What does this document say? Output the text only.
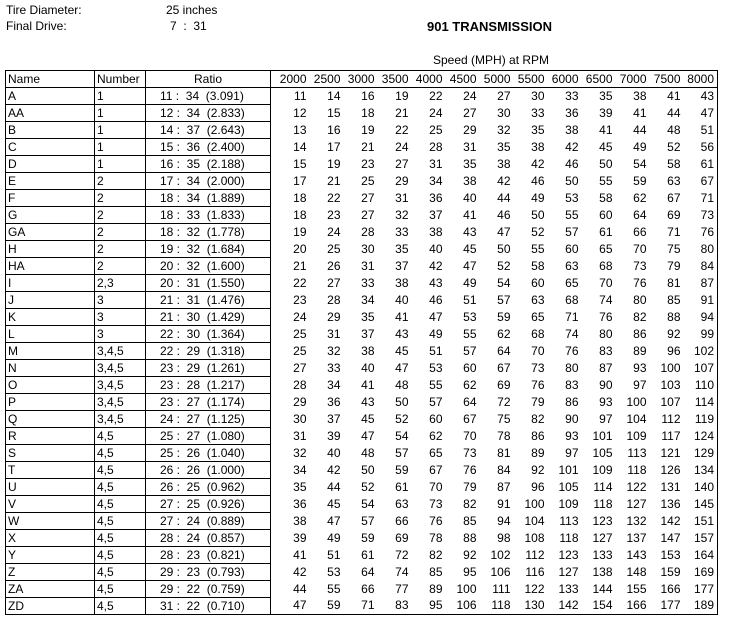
Tire Diameter:	25 inches
Final Drive:	7  :  31	901 TRANSMISSION
Speed (MPH) at RPM
Name	Number	Ratio	2000	2500	3000	3500	4000	4500	5000	5500	6000	6500	7000	7500	8000
A	1	11 :  34  (3.091)	11	14	16	19	22	24	27	30	33	35	38	41	43
AA	1	12 :  34  (2.833)	12	15	18	21	24	27	30	33	36	39	41	44	47
B	1	14 :  37  (2.643)	13	16	19	22	25	29	32	35	38	41	44	48	51
C	1	15 :  36  (2.400)	14	17	21	24	28	31	35	38	42	45	49	52	56
D	1	16 :  35  (2.188)	15	19	23	27	31	35	38	42	46	50	54	58	61
E	2	17 :  34  (2.000)	17	21	25	29	34	38	42	46	50	55	59	63	67
F	2	18 :  34  (1.889)	18	22	27	31	36	40	44	49	53	58	62	67	71
G	2	18 :  33  (1.833)	18	23	27	32	37	41	46	50	55	60	64	69	73
GA	2	18 :  32  (1.778)	19	24	28	33	38	43	47	52	57	61	66	71	76
H	2	19 :  32  (1.684)	20	25	30	35	40	45	50	55	60	65	70	75	80
HA	2	20 :  32  (1.600)	21	26	31	37	42	47	52	58	63	68	73	79	84
I	2,3	20 :  31  (1.550)	22	27	33	38	43	49	54	60	65	70	76	81	87
J	3	21 :  31  (1.476)	23	28	34	40	46	51	57	63	68	74	80	85	91
K	3	21 :  30  (1.429)	24	29	35	41	47	53	59	65	71	76	82	88	94
L	3	22 :  30  (1.364)	25	31	37	43	49	55	62	68	74	80	86	92	99
M	3,4,5	22 :  29  (1.318)	25	32	38	45	51	57	64	70	76	83	89	96	102
N	3,4,5	23 :  29  (1.261)	27	33	40	47	53	60	67	73	80	87	93	100	107
O	3,4,5	23 :  28  (1.217)	28	34	41	48	55	62	69	76	83	90	97	103	110
P	3,4,5	23 :  27  (1.174)	29	36	43	50	57	64	72	79	86	93	100	107	114
Q	3,4,5	24 :  27  (1.125)	30	37	45	52	60	67	75	82	90	97	104	112	119
R	4,5	25 :  27  (1.080)	31	39	47	54	62	70	78	86	93	101	109	117	124
S	4,5	25 :  26  (1.040)	32	40	48	57	65	73	81	89	97	105	113	121	129
T	4,5	26 :  26  (1.000)	34	42	50	59	67	76	84	92	101	109	118	126	134
U	4,5	26 :  25  (0.962)	35	44	52	61	70	79	87	96	105	114	122	131	140
V	4,5	27 :  25  (0.926)	36	45	54	63	73	82	91	100	109	118	127	136	145
W	4,5	27 :  24  (0.889)	38	47	57	66	76	85	94	104	113	123	132	142	151
X	4,5	28 :  24  (0.857)	39	49	59	69	78	88	98	108	118	127	137	147	157
Y	4,5	28 :  23  (0.821)	41	51	61	72	82	92	102	112	123	133	143	153	164
Z	4,5	29 :  23  (0.793)	42	53	64	74	85	95	106	116	127	138	148	159	169
ZA	4,5	29 :  22  (0.759)	44	55	66	77	89	100	111	122	133	144	155	166	177
ZD	4,5	31 :  22  (0.710)	47	59	71	83	95	106	118	130	142	154	166	177	189
